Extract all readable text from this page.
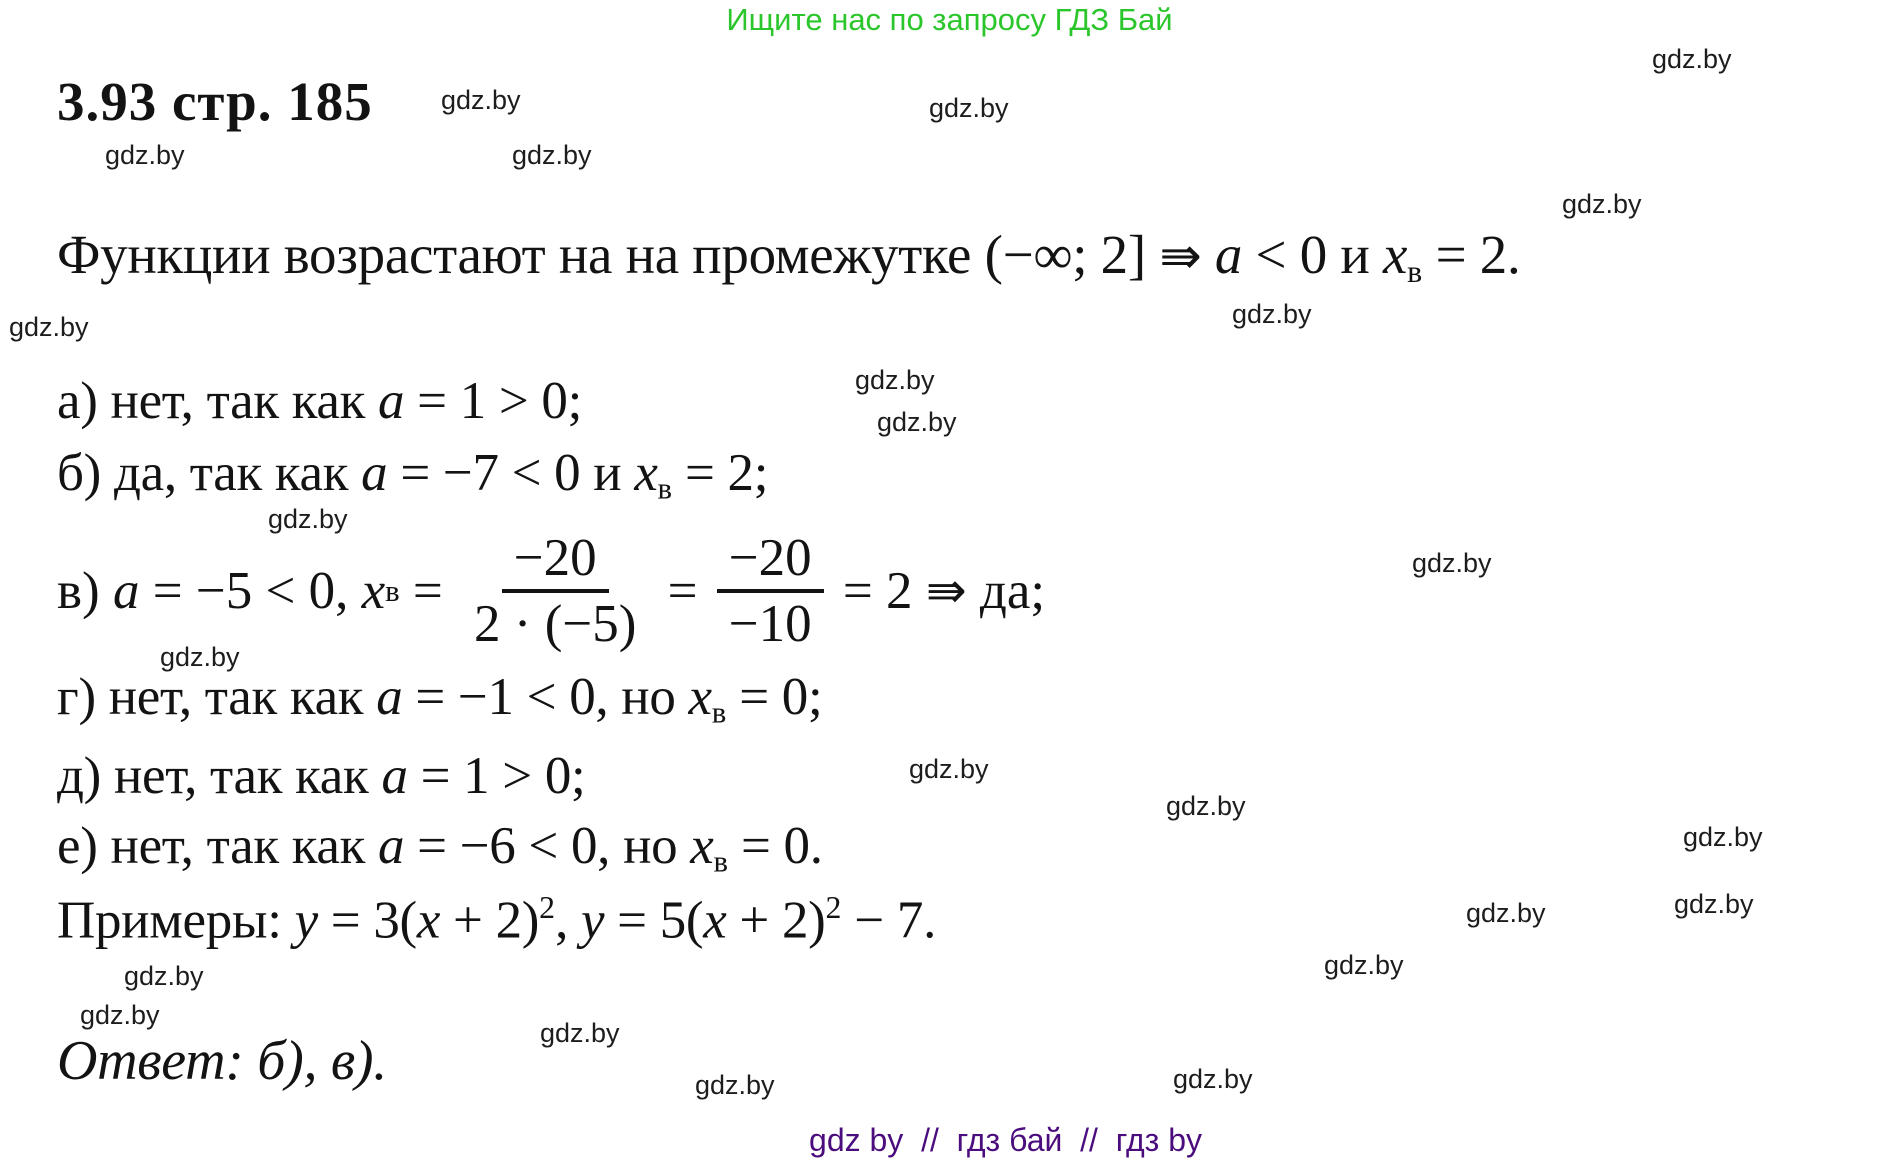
Ищите нас по запросу ГДЗ Бай
gdz.by
gdz.by	gdz.by
gdz.by	gdz.by
gdz.by
gdz.by
gdz.by
gdz.by
gdz.by
gdz.by
gdz.by
gdz.by
gdz.by
gdz.by
gdz.by
gdz.by
gdz.by
gdz.by
gdz.by
gdz.by
gdz.by
gdz.by	gdz.by
3.93 стр. 185
Функции возрастают на на промежутке (−∞; 2] ⇛ a < 0 и xв = 2.
а) нет, так как a = 1 > 0;
б) да, так как a = −7 < 0 и xв = 2;
в) a = −5 < 0, x $в = \frac{-20}{2 \cdot (-5)} = \frac{-20}{-10} = 2$ ⇛ да;
г) нет, так как a = −1 < 0, но xв = 0;
д) нет, так как a = 1 > 0;
е) нет, так как a = −6 < 0, но xв = 0.
Примеры: $y = 3(x + 2)^2$, $y = 5(x + 2)^2 - 7$.
Ответ: б), в).
gdz by  //  гдз бай  //  гдз by
